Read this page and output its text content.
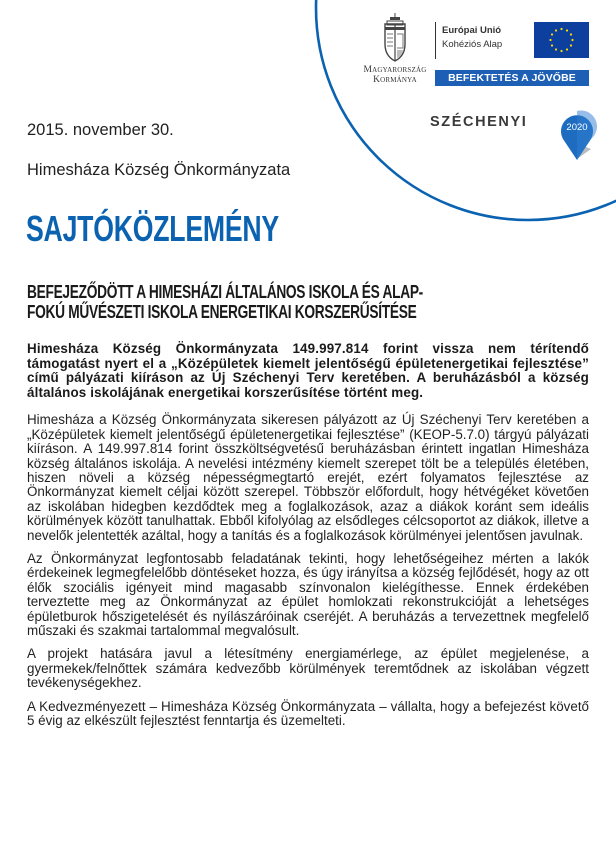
Magyarország
Kormánya
Európai Unió
Kohéziós Alap
BEFEKTETÉS A JÖVŐBE
SZÉCHENYI	2020
2015. november 30.
Himesháza Község Önkormányzata
SAJTÓKÖZLEMÉNY
BEFEJEZŐDÖTT A HIMESHÁZI ÁLTALÁNOS ISKOLA ÉS ALAP-
FOKÚ MŰVÉSZETI ISKOLA ENERGETIKAI KORSZERŰSÍTÉSE

Himesháza Község Önkormányzata 149.997.814 forint vissza nem térítendő támogatást nyert el a „Középületek kiemelt jelentőségű épületenergetikai fejlesztése” című pályázati kiíráson az Új Széchenyi Terv keretében. A beruházásból a község általános iskolájának energetikai korszerűsítése történt meg.

Himesháza a Község Önkormányzata sikeresen pályázott az Új Széchenyi Terv keretében a „Középületek kiemelt jelentőségű épületenergetikai fejlesztése” (KEOP-5.7.0) tárgyú pályázati kiíráson. A 149.997.814 forint összköltségvetésű beruházásban érintett ingatlan Himesháza község általános iskolája. A nevelési intézmény kiemelt szerepet tölt be a település életében, hiszen növeli a község népességmegtartó erejét, ezért folyamatos fejlesztése az Önkormányzat kiemelt céljai között szerepel. Többször előfordult, hogy hétvégéket követően az iskolában hidegben kezdődtek meg a foglalkozások, azaz a diákok koránt sem ideális körülmények között tanulhattak. Ebből kifolyólag az elsődleges célcsoportot az diákok, illetve a nevelők jelentették azáltal, hogy a tanítás és a foglalkozások körülményei jelentősen javulnak.

Az Önkormányzat legfontosabb feladatának tekinti, hogy lehetőségeihez mérten a lakók érdekeinek legmegfelelőbb döntéseket hozza, és úgy irányítsa a község fejlődését, hogy az ott élők szociális igényeit mind magasabb színvonalon kielégíthesse. Ennek érdekében terveztette meg az Önkormányzat az épület homlokzati rekonstrukcióját a lehetséges épületburok hőszigetelését és nyílászáróinak cseréjét. A beruházás a tervezettnek megfelelő műszaki és szakmai tartalommal megvalósult.

A projekt hatására javul a létesítmény energiamérlege, az épület megjelenése, a gyermekek/felnőttek számára kedvezőbb körülmények teremtődnek az iskolában végzett tevékenységekhez.

A Kedvezményezett – Himesháza Község Önkormányzata – vállalta, hogy a befejezést követő 5 évig az elkészült fejlesztést fenntartja és üzemelteti.
